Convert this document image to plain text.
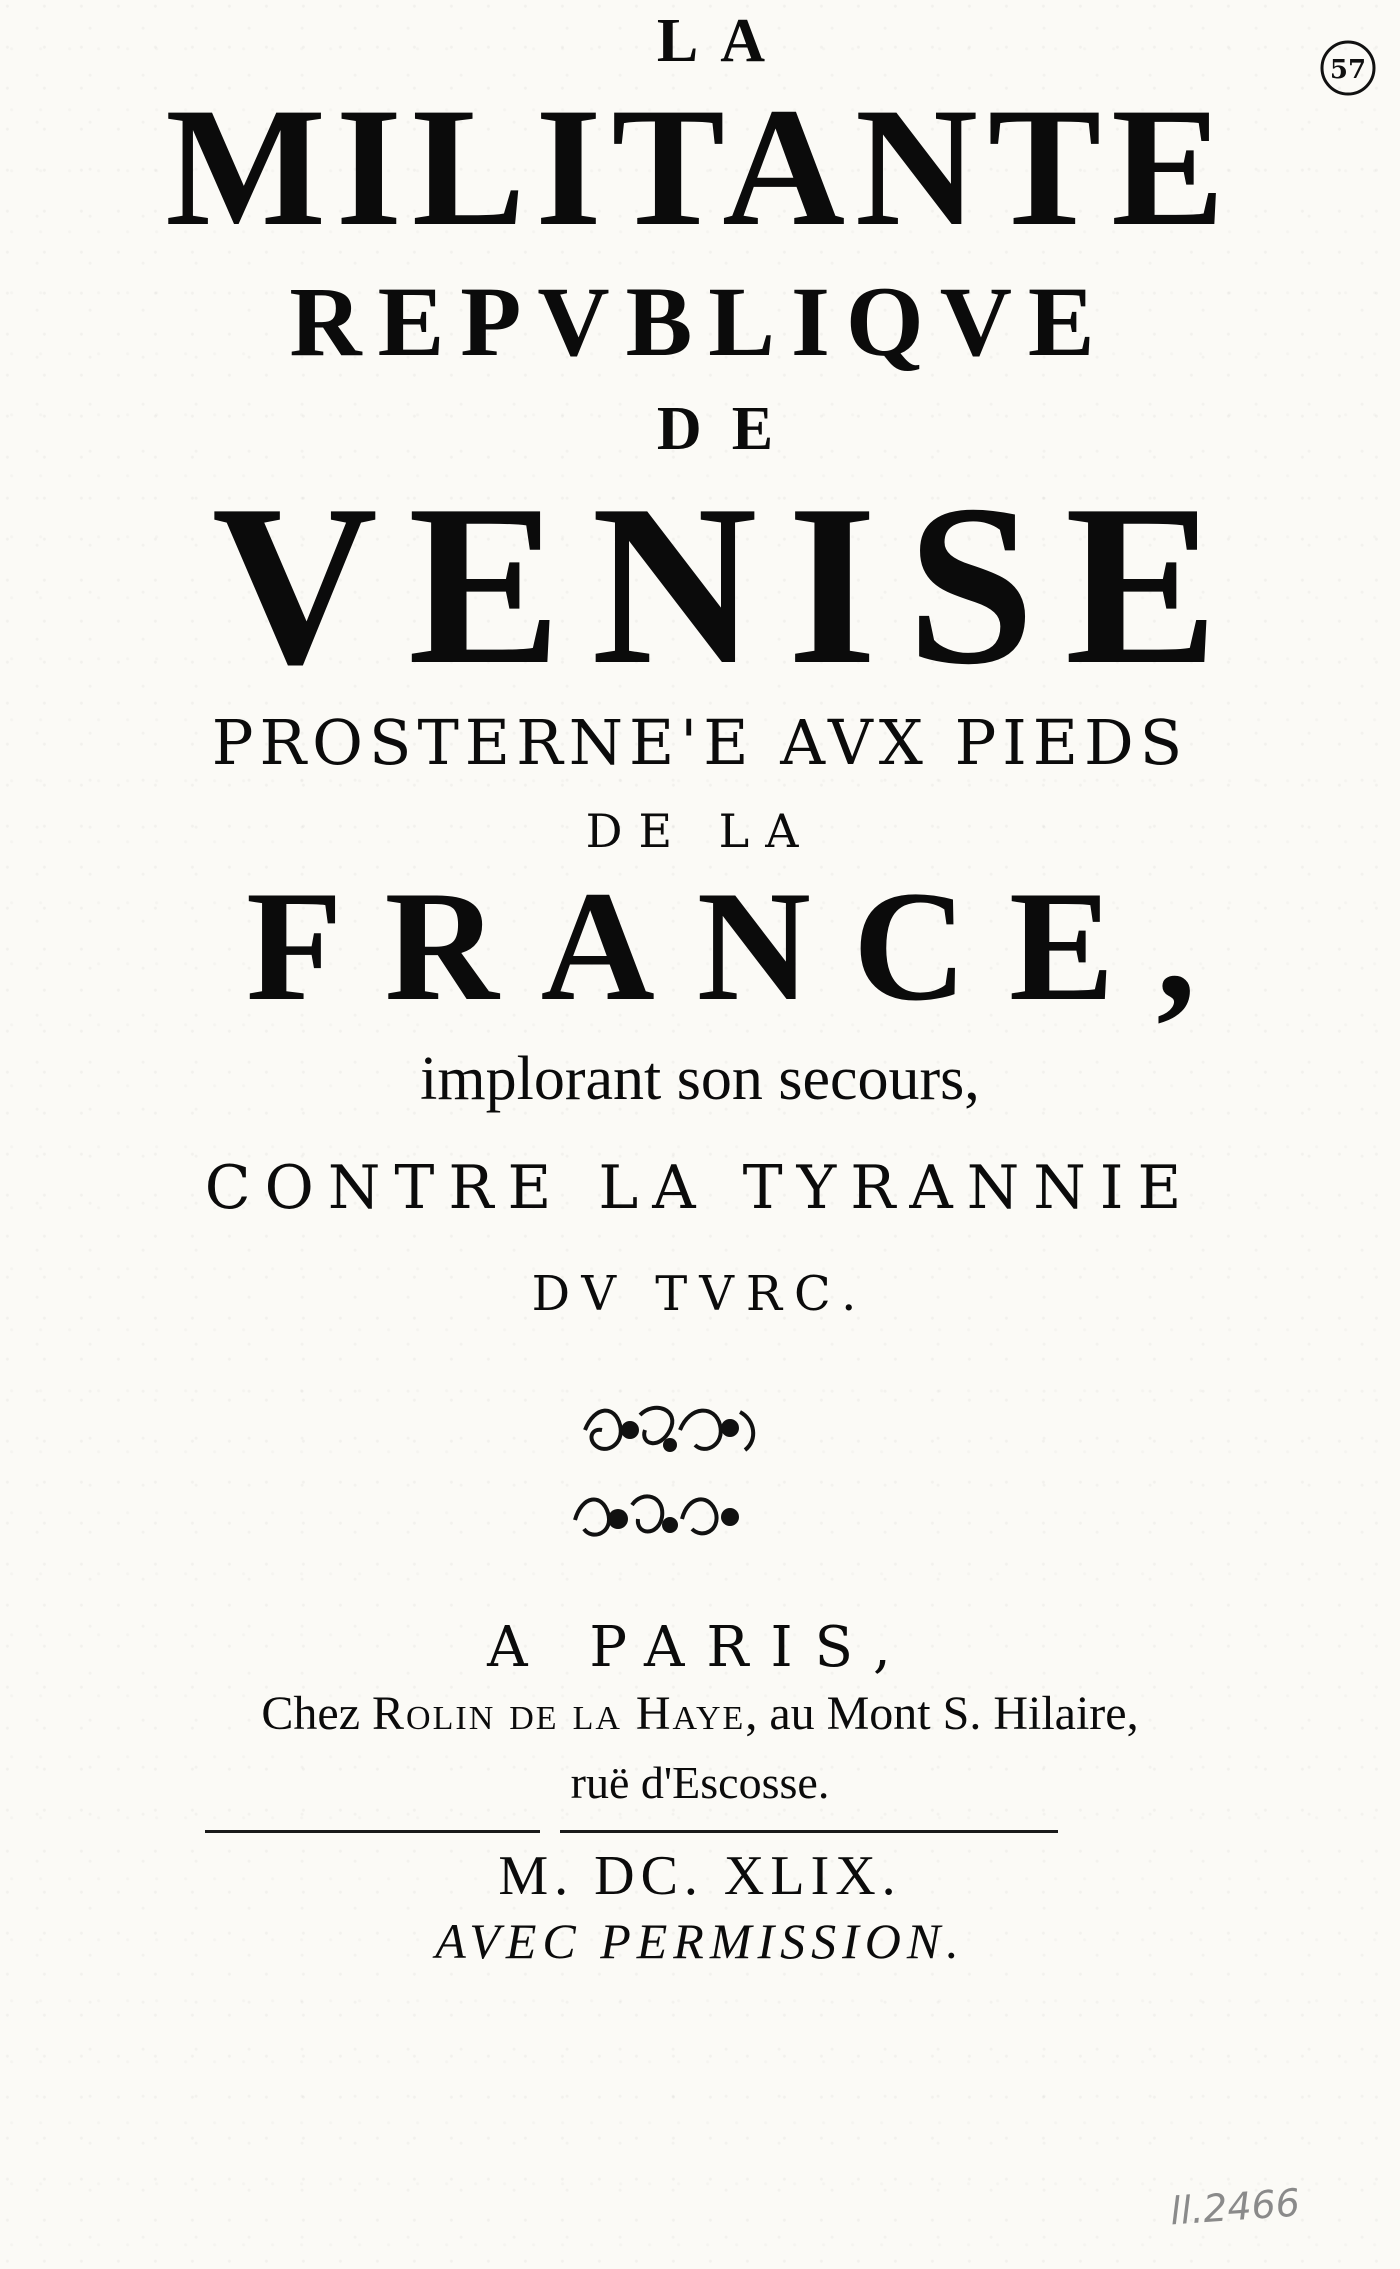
LA
MILITANTE
REPVBLIQVE
DE
VENISE
PROSTERNE'E AVX PIEDS
DE LA
FRANCE,
implorant son secours,
CONTRE LA TYRANNIE
DV TVRC.
A PARIS,
Chez Rolin de la Haye, au Mont S. Hilaire,
ruë d'Escosse.
M. DC. XLIX.
AVEC PERMISSION.
57
ll.2466
